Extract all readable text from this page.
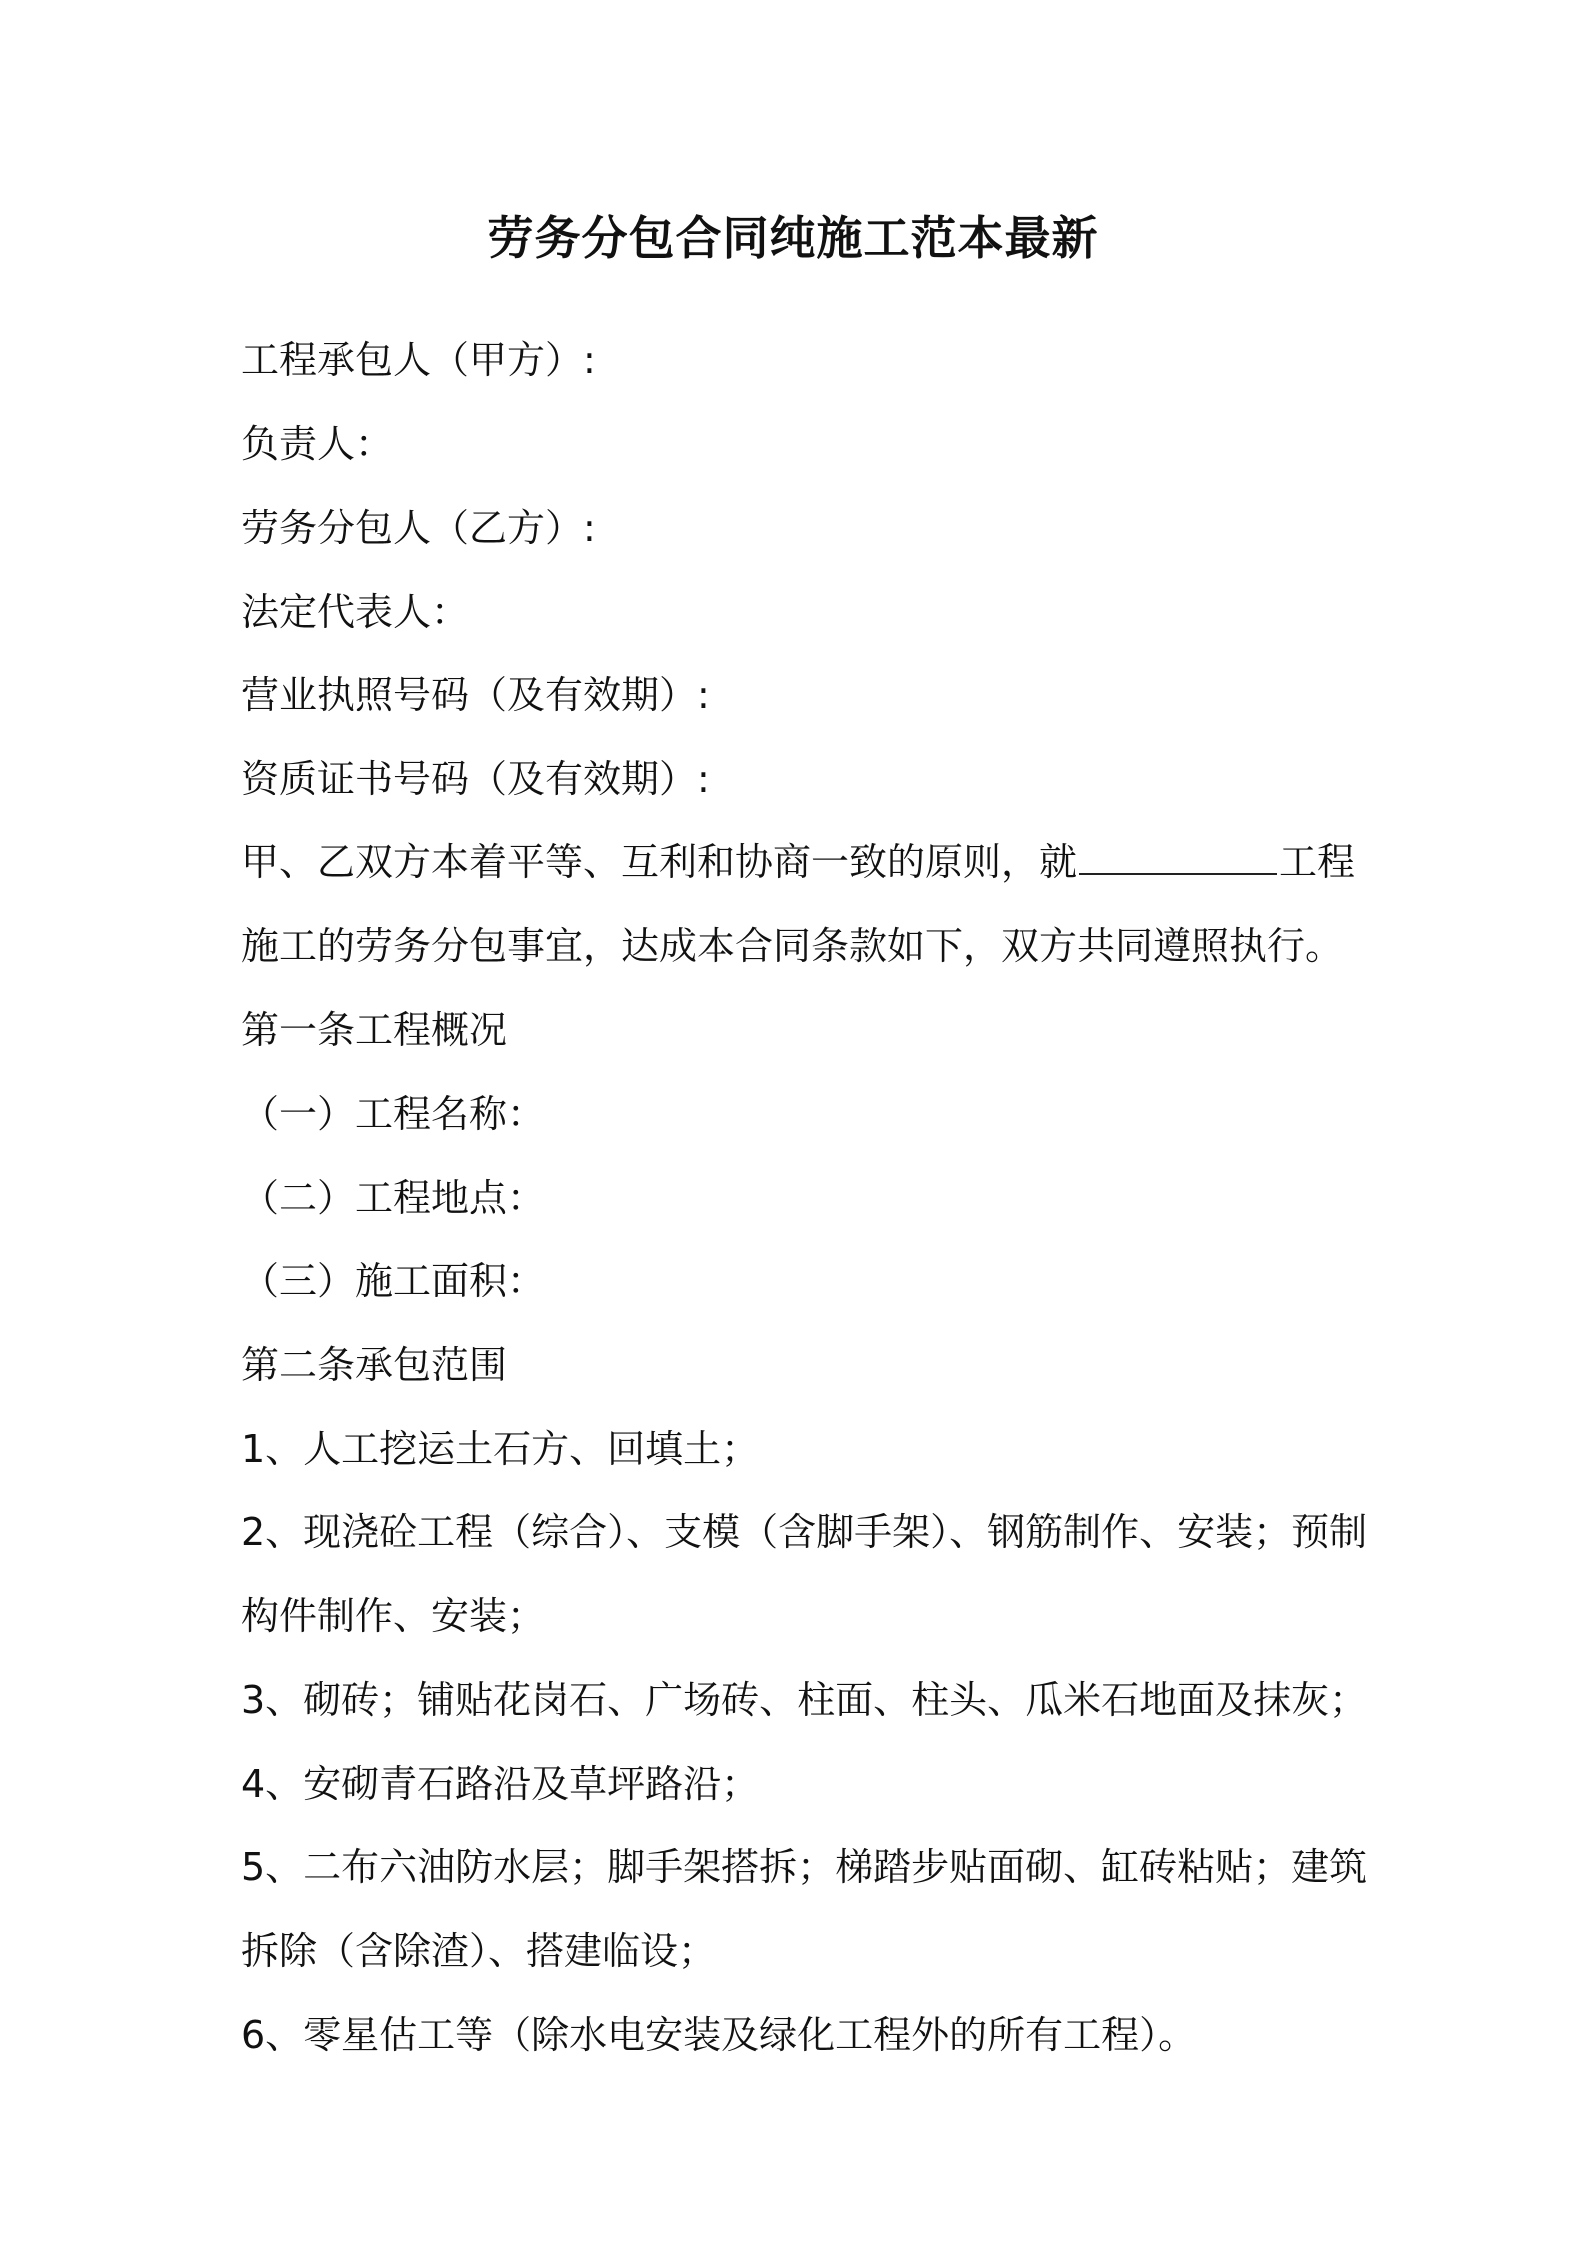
劳务分包合同纯施工范本最新
工程承包人（甲方）:
负责人：
劳务分包人（乙方）:
法定代表人：
营业执照号码（及有效期）:
资质证书号码（及有效期）:
甲、乙双方本着平等、互利和协商一致的原则，就	工程
施工的劳务分包事宜，达成本合同条款如下，双方共同遵照执行。
第一条工程概况
（一）工程名称：
（二）工程地点：
（三）施工面积：
第二条承包范围
1、人工挖运土石方、回填土；
2、现浇砼工程（综合）、支模（含脚手架）、钢筋制作、安装；预制
构件制作、安装；
3、砌砖；铺贴花岗石、广场砖、柱面、柱头、瓜米石地面及抹灰；
4、安砌青石路沿及草坪路沿；
5、二布六油防水层；脚手架搭拆；梯踏步贴面砌、缸砖粘贴；建筑
拆除（含除渣）、搭建临设；
6、零星估工等（除水电安装及绿化工程外的所有工程）。
